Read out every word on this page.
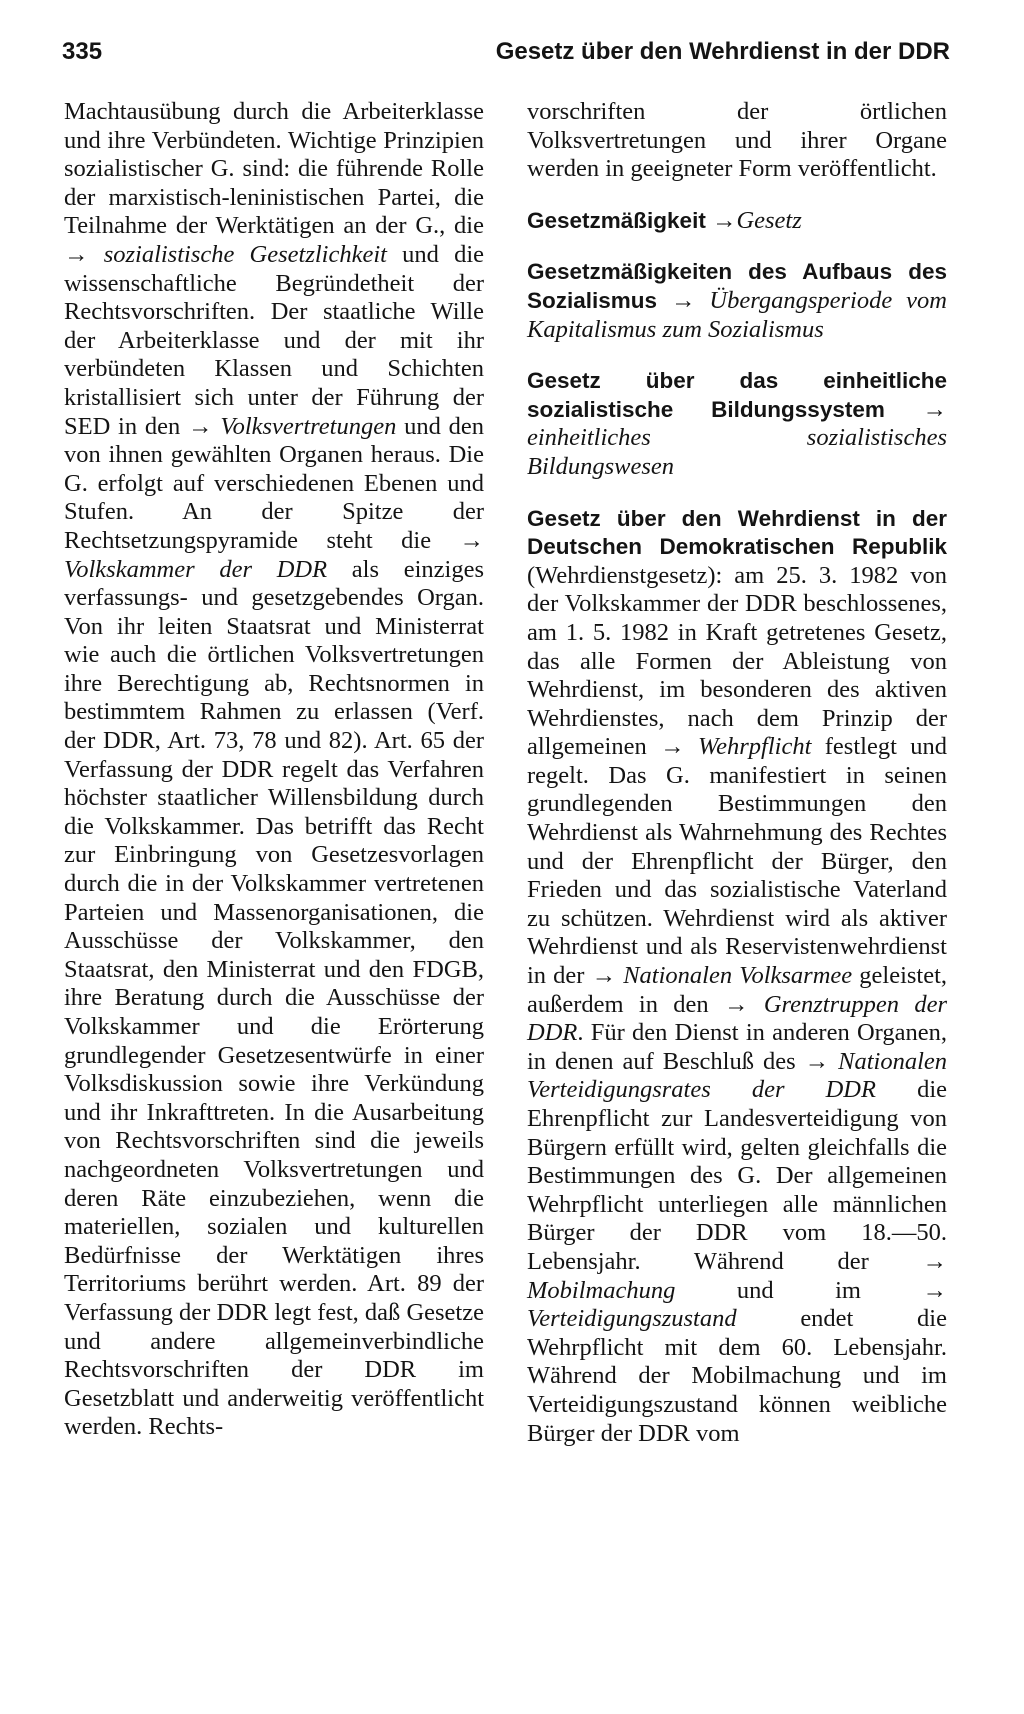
335	Gesetz über den Wehrdienst in der DDR

Machtausübung durch die Arbeiterklasse und ihre Verbündeten. Wichtige Prinzipien sozialistischer G. sind: die führende Rolle der marxistisch-leninistischen Partei, die Teilnahme der Werktätigen an der G., die → sozialistische Gesetzlichkeit und die wissenschaftliche Begründetheit der Rechtsvorschriften. Der staatliche Wille der Arbeiterklasse und der mit ihr verbündeten Klassen und Schichten kristallisiert sich unter der Führung der SED in den → Volksvertretungen und den von ihnen gewählten Organen heraus. Die G. erfolgt auf verschiedenen Ebenen und Stufen. An der Spitze der Rechtsetzungspyramide steht die → Volkskammer der DDR als einziges verfassungs- und gesetzgebendes Organ. Von ihr leiten Staatsrat und Ministerrat wie auch die örtlichen Volksvertretungen ihre Berechtigung ab, Rechtsnormen in bestimmtem Rahmen zu erlassen (Verf. der DDR, Art. 73, 78 und 82). Art. 65 der Verfassung der DDR regelt das Verfahren höchster staatlicher Willensbildung durch die Volkskammer. Das betrifft das Recht zur Einbringung von Gesetzesvorlagen durch die in der Volkskammer vertretenen Parteien und Massenorganisationen, die Ausschüsse der Volkskammer, den Staatsrat, den Ministerrat und den FDGB, ihre Beratung durch die Ausschüsse der Volkskammer und die Erörterung grundlegender Gesetzesentwürfe in einer Volksdiskussion sowie ihre Verkündung und ihr Inkrafttreten. In die Ausarbeitung von Rechtsvorschriften sind die jeweils nachgeordneten Volksvertretungen und deren Räte einzubeziehen, wenn die materiellen, sozialen und kulturellen Bedürfnisse der Werktätigen ihres Territoriums berührt werden. Art. 89 der Verfassung der DDR legt fest, daß Gesetze und andere allgemeinverbindliche Rechtsvorschriften der DDR im Gesetzblatt und anderweitig veröffentlicht werden. Rechts-

vorschriften der örtlichen Volksvertretungen und ihrer Organe werden in geeigneter Form veröffentlicht.

Gesetzmäßigkeit →Gesetz

Gesetzmäßigkeiten des Aufbaus des Sozialismus → Übergangsperiode vom Kapitalismus zum Sozialismus

Gesetz über das einheitliche sozialistische Bildungssystem → einheitliches sozialistisches Bildungswesen

Gesetz über den Wehrdienst in der Deutschen Demokratischen Republik (Wehrdienstgesetz): am 25. 3. 1982 von der Volkskammer der DDR beschlossenes, am 1. 5. 1982 in Kraft getretenes Gesetz, das alle Formen der Ableistung von Wehrdienst, im besonderen des aktiven Wehrdienstes, nach dem Prinzip der allgemeinen → Wehrpflicht festlegt und regelt. Das G. manifestiert in seinen grundlegenden Bestimmungen den Wehrdienst als Wahrnehmung des Rechtes und der Ehrenpflicht der Bürger, den Frieden und das sozialistische Vaterland zu schützen. Wehrdienst wird als aktiver Wehrdienst und als Reservistenwehrdienst in der → Nationalen Volksarmee geleistet, außerdem in den → Grenztruppen der DDR. Für den Dienst in anderen Organen, in denen auf Beschluß des → Nationalen Verteidigungsrates der DDR die Ehrenpflicht zur Landesverteidigung von Bürgern erfüllt wird, gelten gleichfalls die Bestimmungen des G. Der allgemeinen Wehrpflicht unterliegen alle männlichen Bürger der DDR vom 18.—50. Lebensjahr. Während der → Mobilmachung und im → Verteidigungszustand endet die Wehrpflicht mit dem 60. Lebensjahr. Während der Mobilmachung und im Verteidigungszustand können weibliche Bürger der DDR vom
